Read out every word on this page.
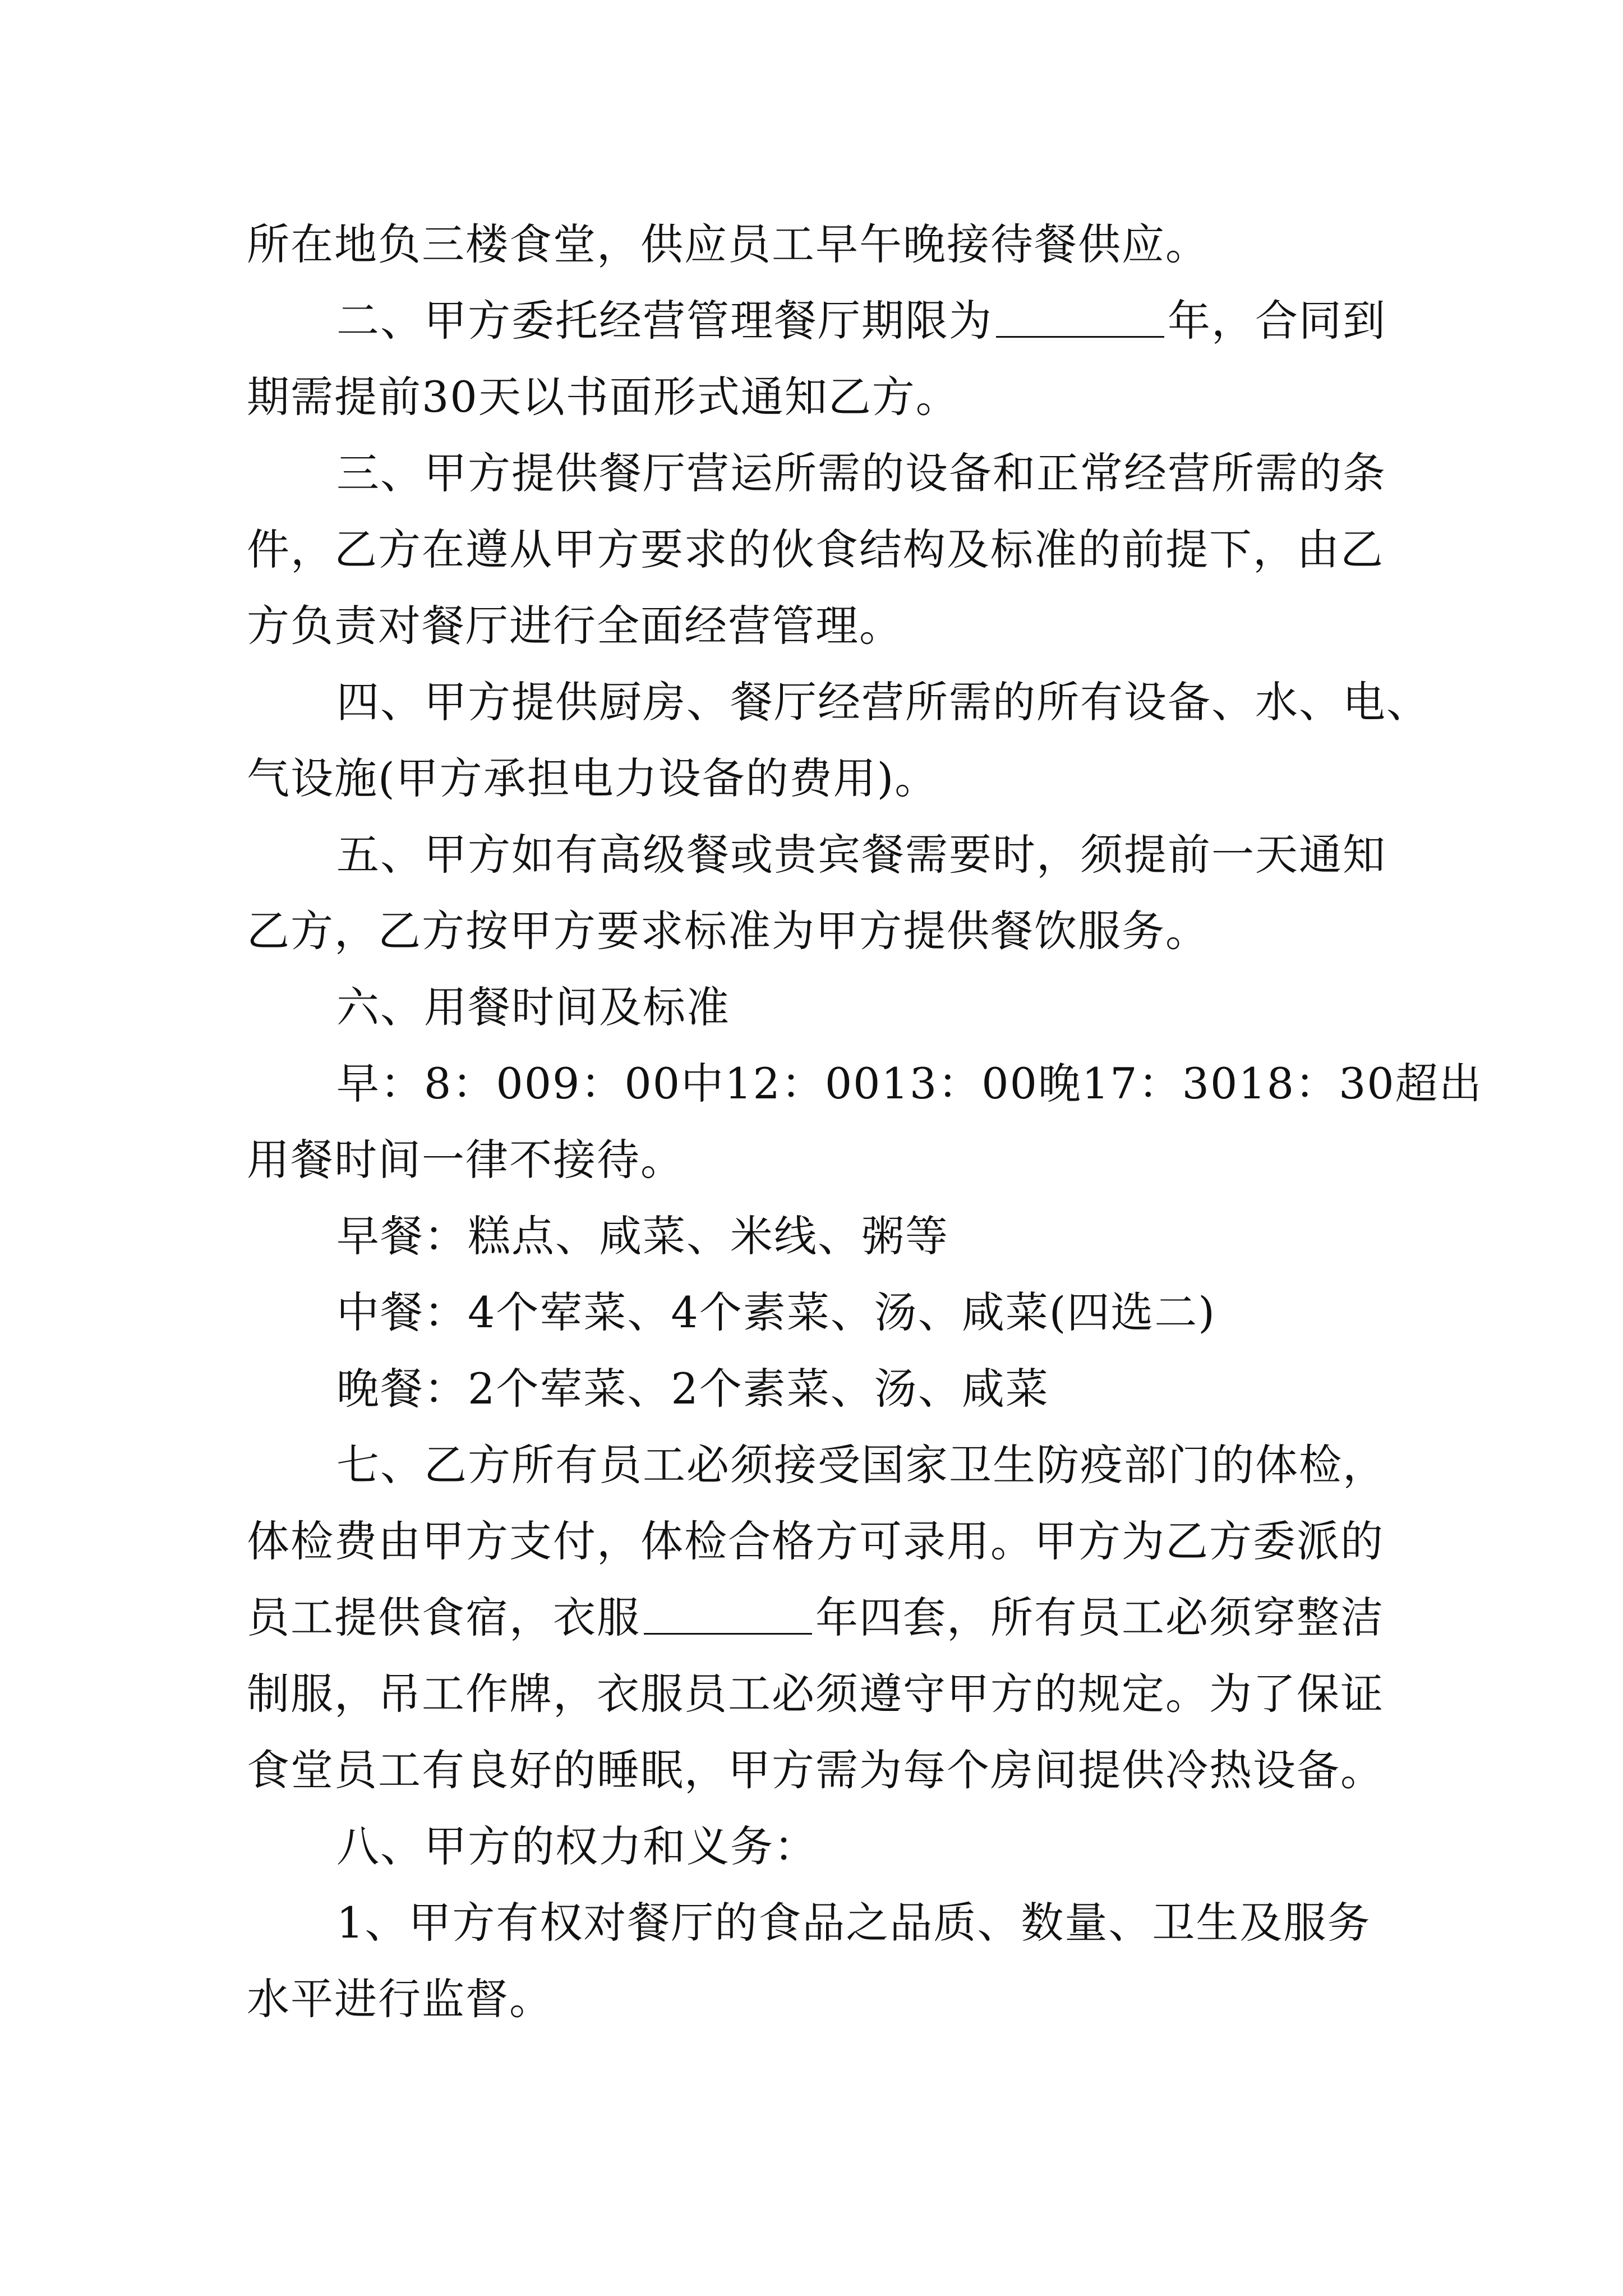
所在地负三楼食堂，供应员工早午晚接待餐供应。
二、甲方委托经营管理餐厅期限为	年，合同到
期需提前30天以书面形式通知乙方。
三、甲方提供餐厅营运所需的设备和正常经营所需的条
件，乙方在遵从甲方要求的伙食结构及标准的前提下，由乙
方负责对餐厅进行全面经营管理。
四、甲方提供厨房、餐厅经营所需的所有设备、水、电、
气设施(甲方承担电力设备的费用)。
五、甲方如有高级餐或贵宾餐需要时，须提前一天通知
乙方，乙方按甲方要求标准为甲方提供餐饮服务。
六、用餐时间及标准
早：8：009：00中12：0013：00晚17：3018：30超出
用餐时间一律不接待。
早餐：糕点、咸菜、米线、粥等
中餐：4个荤菜、4个素菜、汤、咸菜(四选二)
晚餐：2个荤菜、2个素菜、汤、咸菜
七、乙方所有员工必须接受国家卫生防疫部门的体检，
体检费由甲方支付，体检合格方可录用。甲方为乙方委派的
员工提供食宿，衣服	年四套，所有员工必须穿整洁
制服，吊工作牌，衣服员工必须遵守甲方的规定。为了保证
食堂员工有良好的睡眠，甲方需为每个房间提供冷热设备。
八、甲方的权力和义务：
1、甲方有权对餐厅的食品之品质、数量、卫生及服务
水平进行监督。
